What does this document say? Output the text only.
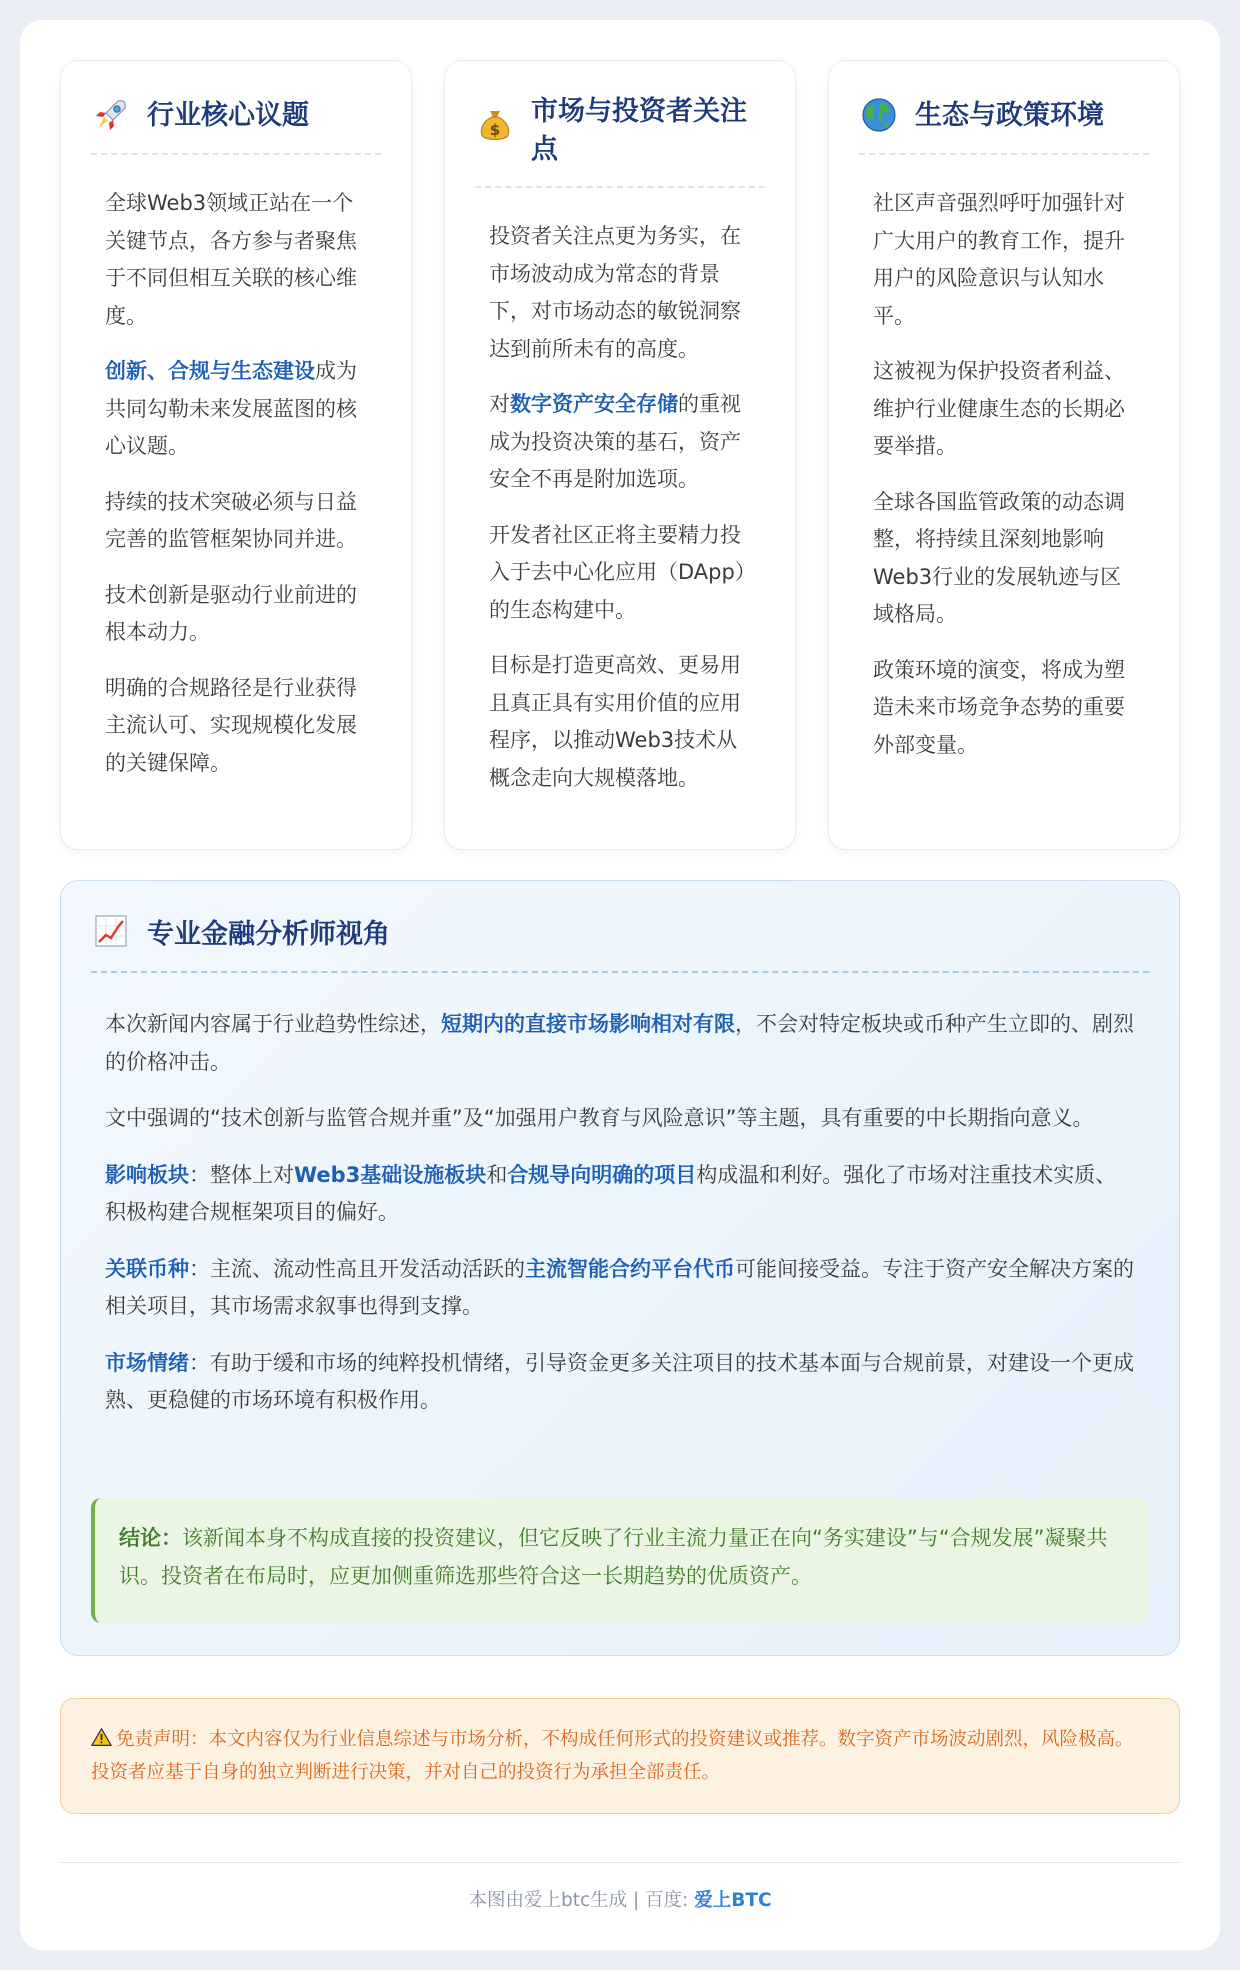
行业核心议题

全球Web3领域正站在一个关键节点，各方参与者聚焦于不同但相互关联的核心维度。

创新、合规与生态建设成为共同勾勒未来发展蓝图的核心议题。

持续的技术突破必须与日益完善的监管框架协同并进。

技术创新是驱动行业前进的根本动力。

明确的合规路径是行业获得主流认可、实现规模化发展的关键保障。

$
市场与投资者关注点

投资者关注点更为务实，在市场波动成为常态的背景下，对市场动态的敏锐洞察达到前所未有的高度。

对数字资产安全存储的重视成为投资决策的基石，资产安全不再是附加选项。

开发者社区正将主要精力投入于去中心化应用（DApp）的生态构建中。

目标是打造更高效、更易用且真正具有实用价值的应用程序，以推动Web3技术从概念走向大规模落地。

生态与政策环境

社区声音强烈呼吁加强针对广大用户的教育工作，提升用户的风险意识与认知水平。

这被视为保护投资者利益、维护行业健康生态的长期必要举措。

全球各国监管政策的动态调整，将持续且深刻地影响Web3行业的发展轨迹与区域格局。

政策环境的演变，将成为塑造未来市场竞争态势的重要外部变量。

专业金融分析师视角

本次新闻内容属于行业趋势性综述，短期内的直接市场影响相对有限，不会对特定板块或币种产生立即的、剧烈的价格冲击。

文中强调的“技术创新与监管合规并重”及“加强用户教育与风险意识”等主题，具有重要的中长期指向意义。

影响板块：整体上对Web3基础设施板块和合规导向明确的项目构成温和利好。强化了市场对注重技术实质、积极构建合规框架项目的偏好。

关联币种：主流、流动性高且开发活动活跃的主流智能合约平台代币可能间接受益。专注于资产安全解决方案的相关项目，其市场需求叙事也得到支撑。

市场情绪：有助于缓和市场的纯粹投机情绪，引导资金更多关注项目的技术基本面与合规前景，对建设一个更成熟、更稳健的市场环境有积极作用。

结论：该新闻本身不构成直接的投资建议，但它反映了行业主流力量正在向“务实建设”与“合规发展”凝聚共识。投资者在布局时，应更加侧重筛选那些符合这一长期趋势的优质资产。
免责声明：本文内容仅为行业信息综述与市场分析，不构成任何形式的投资建议或推荐。数字资产市场波动剧烈，风险极高。投资者应基于自身的独立判断进行决策，并对自己的投资行为承担全部责任。
本图由爱上btc生成 | 百度: 爱上BTC
